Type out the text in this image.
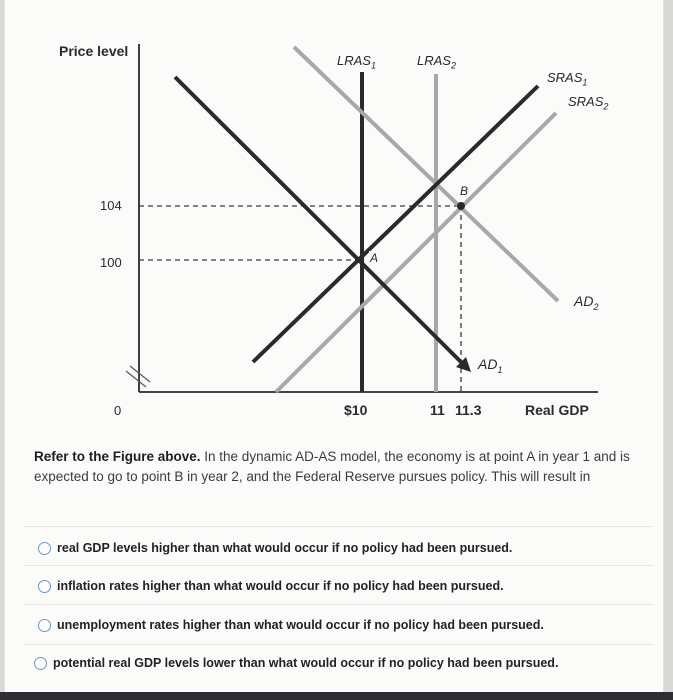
Price level
Real GDP
104
100
0	$10	11 11.3
$LRAS_1$	$LRAS_2$
$SRAS_1$
$SRAS_2$
$AD_1$
$AD_2$
A
B
Refer to the Figure above. In the dynamic AD-AS model, the economy is at point A in year 1 and is expected to go to point B in year 2, and the Federal Reserve pursues policy. This will result in
real GDP levels higher than what would occur if no policy had been pursued.
inflation rates higher than what would occur if no policy had been pursued.
unemployment rates higher than what would occur if no policy had been pursued.
potential real GDP levels lower than what would occur if no policy had been pursued.
